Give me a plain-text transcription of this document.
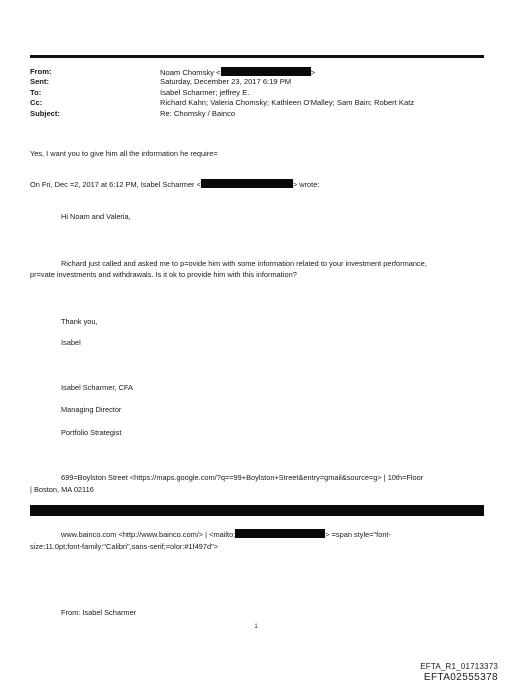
From:	Noam Chomsky <	>
Sent:	Saturday, December 23, 2017 6:19 PM
To:	Isabel Scharmer; jeffrey E.
Cc:	Richard Kahn; Valeria Chomsky; Kathleen O'Malley; Sam Bain; Robert Katz
Subject:	Re: Chomsky / Bainco
Yes, I want you to give him all the information he require=
On Fri, Dec =2, 2017 at 6:12 PM, Isabel Scharmer <	> wrote:
Hi Noam and Valeria,
Richard just called and asked me to p=ovide him with some information related to your investment performance, pr=vate investments and withdrawals. Is it ok to provide him with this information?
Thank you,
Isabel
Isabel Scharmer, CFA
Managing Director
Portfolio Strategist
699=Boylston Street <https://maps.google.com/?q==99+Boylston+Street&entry=gmail&source=g> | 10th=Floor
| Boston, MA 02116
www.bainco.com <http://www.bainco.com/> | <mailto:	> =span style="font-
size:11.0pt;font-family:"Calibri",sans-serif;=olor:#1f497d">
From: Isabel Scharmer
1
EFTA_R1_01713373
EFTA02555378
